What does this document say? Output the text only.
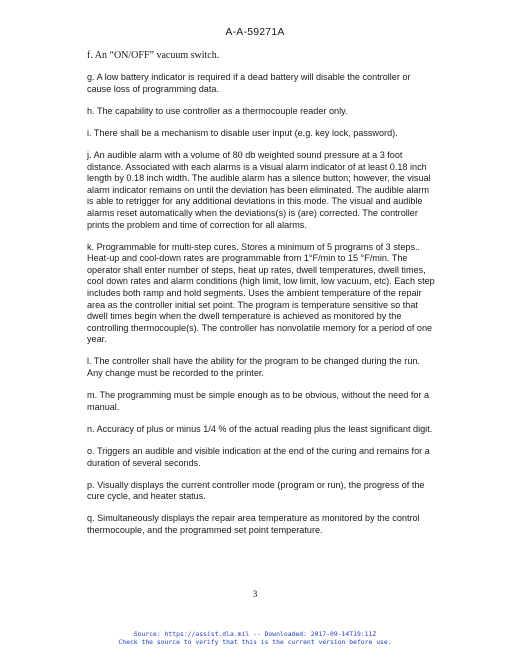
A-A-59271A

f. An “ON/OFF” vacuum switch.

g. A low battery indicator is required if a dead battery will disable the controller or cause loss of programming data.

h. The capability to use controller as a thermocouple reader only.

i. There shall be a mechanism to disable user input (e.g. key lock, password).

j. An audible alarm with a volume of 80 db weighted sound pressure at a 3 foot distance. Associated with each alarms is a visual alarm indicator of at least 0.18 inch length by 0.18 inch width. The audible alarm has a silence button; however, the visual alarm indicator remains on until the deviation has been eliminated. The audible alarm is able to retrigger for any additional deviations in this mode. The visual and audible alarms reset automatically when the deviations(s) is (are) corrected. The controller prints the problem and time of correction for all alarms.

k. Programmable for multi-step cures. Stores a minimum of 5 programs of 3 steps.. Heat-up and cool-down rates are programmable from 1°F/min to 15 °F/min. The operator shall enter number of steps, heat up rates, dwell temperatures, dwell times, cool down rates and alarm conditions (high limit, low limit, low vacuum, etc). Each step includes both ramp and hold segments. Uses the ambient temperature of the repair area as the controller initial set point. The program is temperature sensitive so that dwell times begin when the dwell temperature is achieved as monitored by the controlling thermocouple(s). The controller has nonvolatile memory for a period of one year.

l. The controller shall have the ability for the program to be changed during the run. Any change must be recorded to the printer.

m. The programming must be simple enough as to be obvious, without the need for a manual.

n. Accuracy of plus or minus 1/4 % of the actual reading plus the least significant digit.

o. Triggers an audible and visible indication at the end of the curing and remains for a duration of several seconds.

p. Visually displays the current controller mode (program or run), the progress of the cure cycle, and heater status.

q. Simultaneously displays the repair area temperature as monitored by the control thermocouple, and the programmed set point temperature.

3
Source: https://assist.dla.mil -- Downloaded: 2017-09-14T19:11Z
Check the source to verify that this is the current version before use.
